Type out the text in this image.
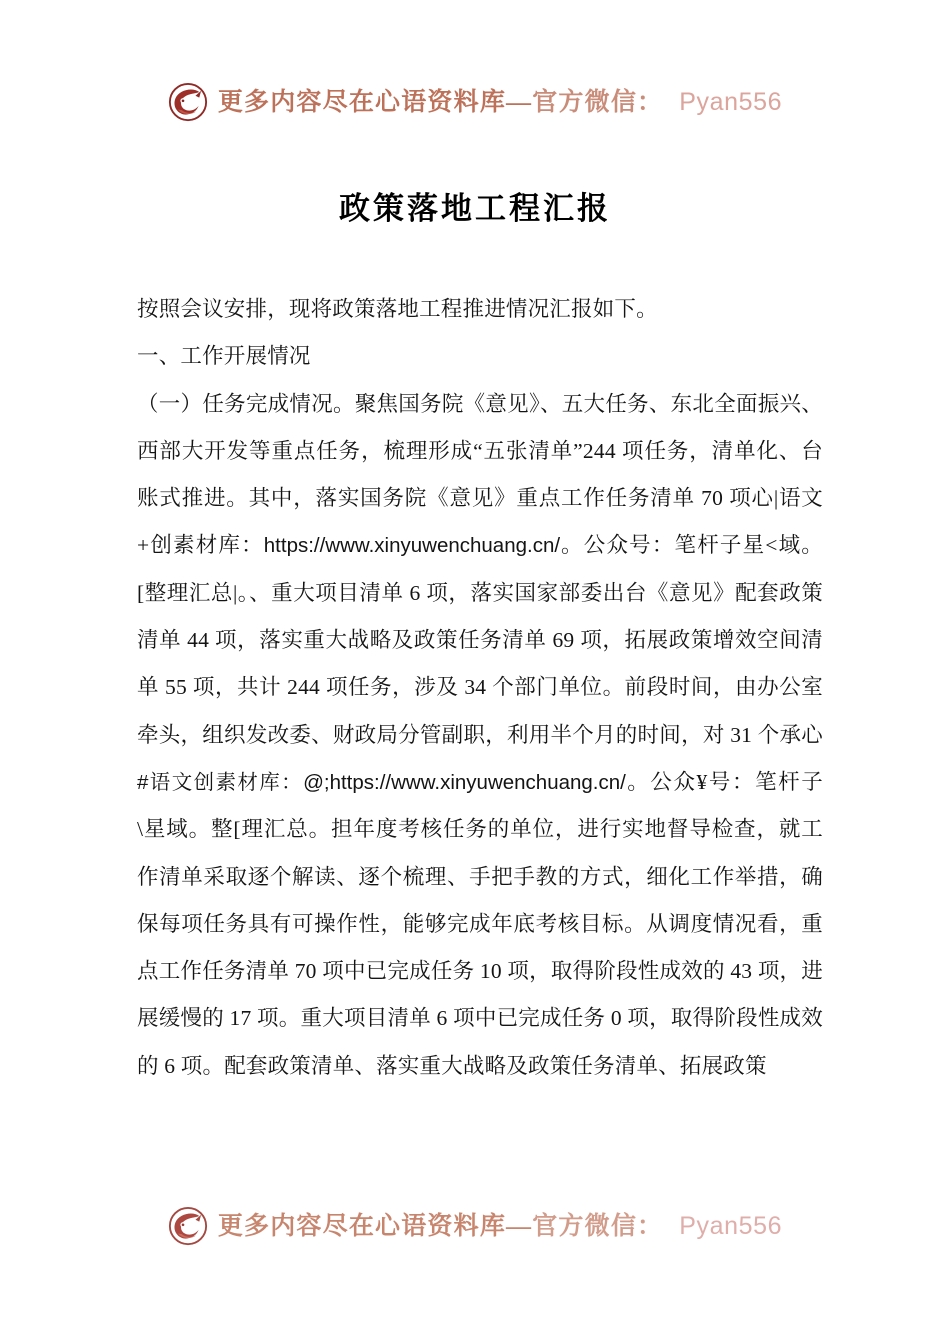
更多内容尽在心语资料库—官方微信： Pyan556
政策落地工程汇报

按照会议安排，现将政策落地工程推进情况汇报如下。

一、工作开展情况

（一）任务完成情况。聚焦国务院《意见》、五大任务、东北全面振兴、西部大开发等重点任务，梳理形成“五张清单”244 项任务，清单化、台账式推进。其中，落实国务院《意见》重点工作任务清单 70 项心|语文+创素材库：https://www.xinyuwenchuang.cn/。公众号：笔杆子星<域。[整理汇总|。、重大项目清单 6 项，落实国家部委出台《意见》配套政策清单 44 项，落实重大战略及政策任务清单 69 项，拓展政策增效空间清单 55 项，共计 244 项任务，涉及 34 个部门单位。前段时间，由办公室牵头，组织发改委、财政局分管副职，利用半个月的时间，对 31 个承心#语文创素材库：@;https://www.xinyuwenchuang.cn/。公众¥号：笔杆子\星域。整[理汇总。担年度考核任务的单位，进行实地督导检查，就工作清单采取逐个解读、逐个梳理、手把手教的方式，细化工作举措，确保每项任务具有可操作性，能够完成年底考核目标。从调度情况看，重点工作任务清单 70 项中已完成任务 10 项，取得阶段性成效的 43 项，进展缓慢的 17 项。重大项目清单 6 项中已完成任务 0 项，取得阶段性成效的 6 项。配套政策清单、落实重大战略及政策任务清单、拓展政策

更多内容尽在心语资料库—官方微信： Pyan556
